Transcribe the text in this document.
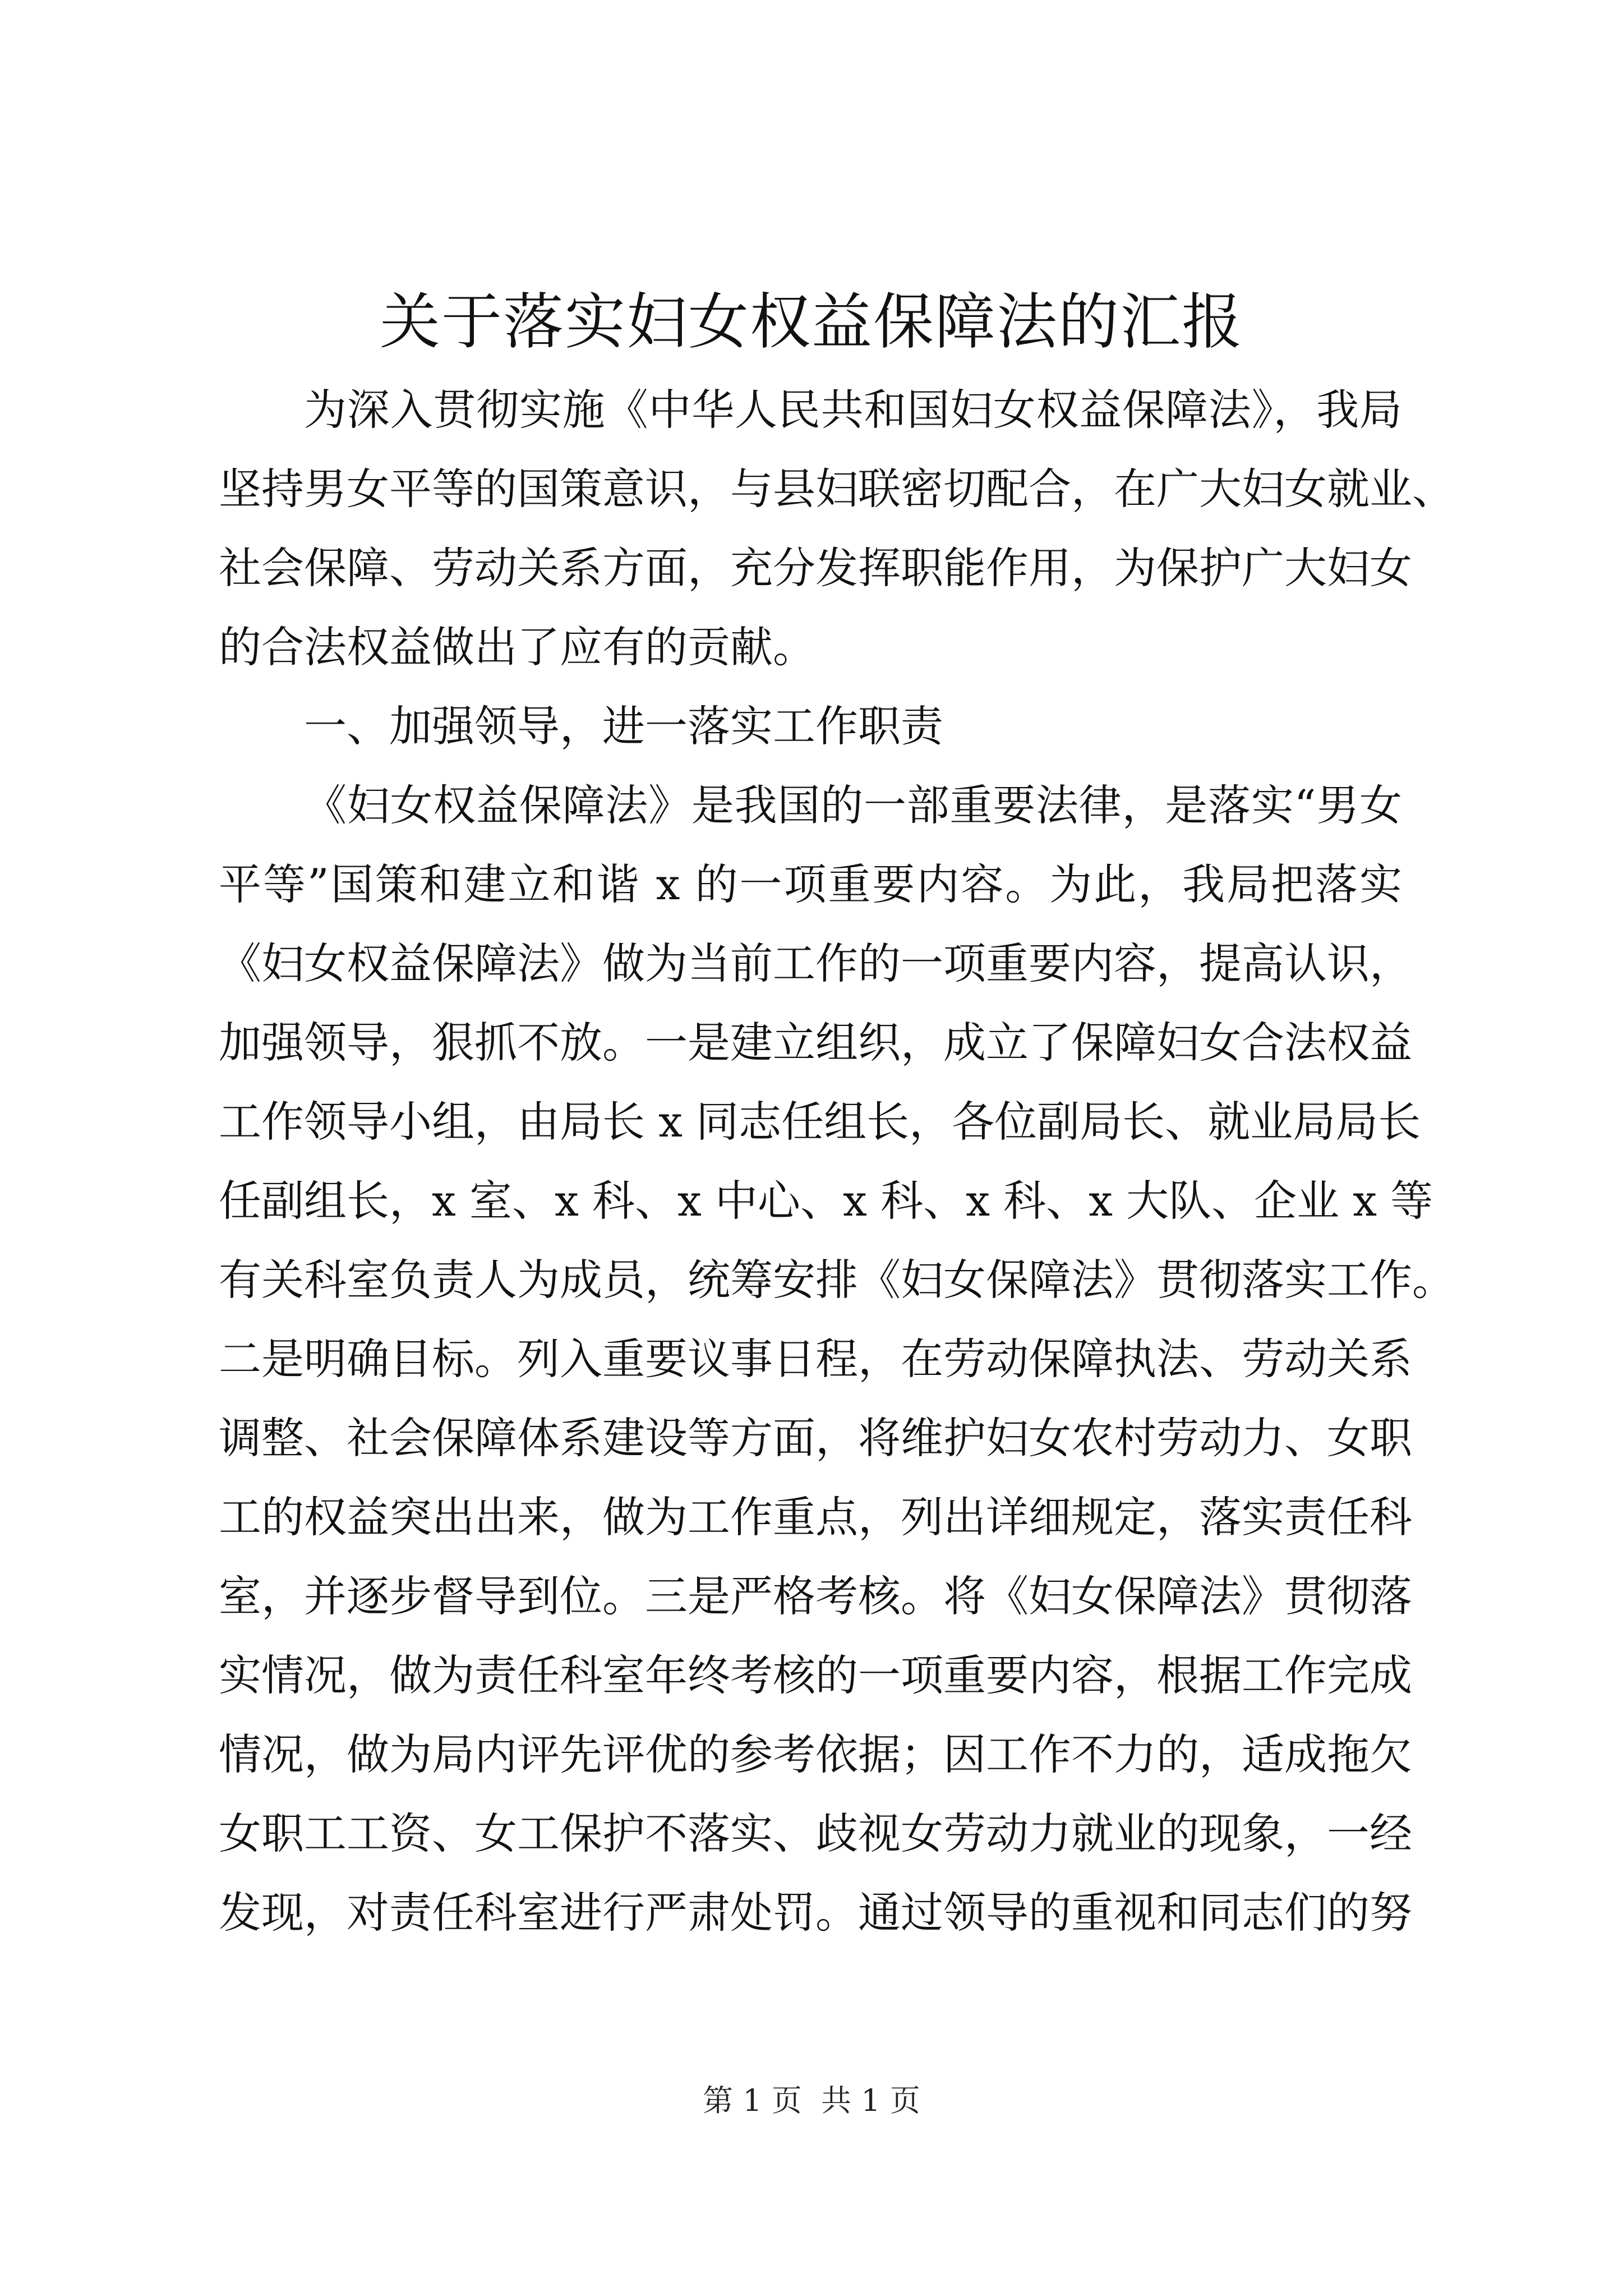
关于落实妇女权益保障法的汇报
为深入贯彻实施《中华人民共和国妇女权益保障法》，我局
坚持男女平等的国策意识，与县妇联密切配合，在广大妇女就业、
社会保障、劳动关系方面，充分发挥职能作用，为保护广大妇女
的合法权益做出了应有的贡献。
一、加强领导，进一落实工作职责
《妇女权益保障法》是我国的一部重要法律，是落实“男女
平等”国策和建立和谐 x 的一项重要内容。为此，我局把落实
《妇女权益保障法》做为当前工作的一项重要内容，提高认识，
加强领导，狠抓不放。一是建立组织，成立了保障妇女合法权益
工作领导小组，由局长 x 同志任组长，各位副局长、就业局局长
任副组长，x 室、x 科、x 中心、x 科、x 科、x 大队、企业 x 等
有关科室负责人为成员，统筹安排《妇女保障法》贯彻落实工作。
二是明确目标。列入重要议事日程，在劳动保障执法、劳动关系
调整、社会保障体系建设等方面，将维护妇女农村劳动力、女职
工的权益突出出来，做为工作重点，列出详细规定，落实责任科
室，并逐步督导到位。三是严格考核。将《妇女保障法》贯彻落
实情况，做为责任科室年终考核的一项重要内容，根据工作完成
情况，做为局内评先评优的参考依据；因工作不力的，适成拖欠
女职工工资、女工保护不落实、歧视女劳动力就业的现象，一经
发现，对责任科室进行严肃处罚。通过领导的重视和同志们的努
第 1 页  共 1 页
